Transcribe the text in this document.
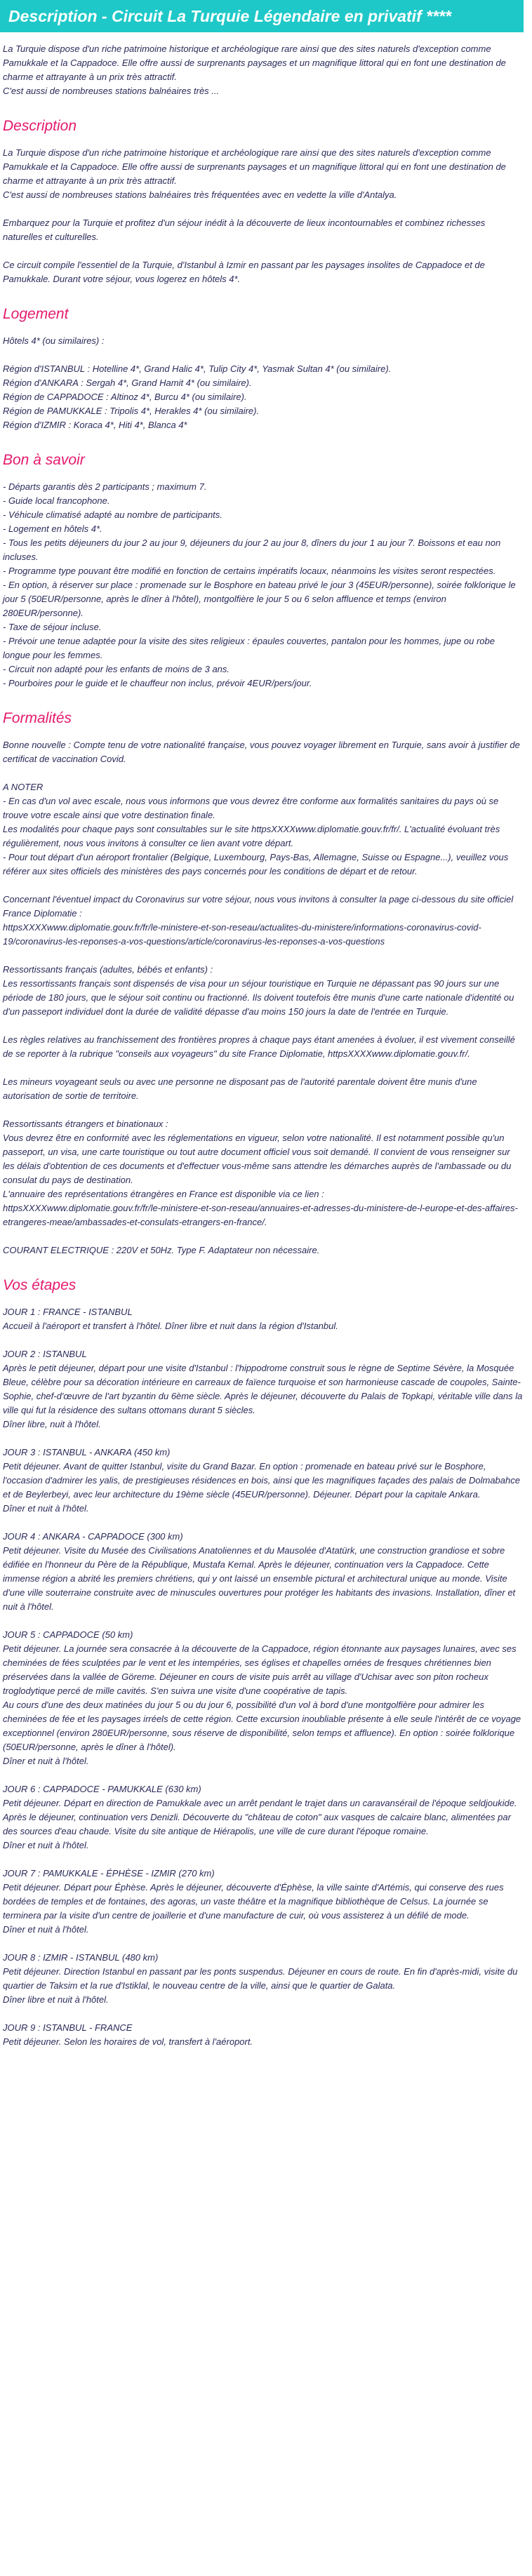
Description - Circuit La Turquie Légendaire en privatif ****
La Turquie dispose d'un riche patrimoine historique et archéologique rare ainsi que des sites naturels d'exception comme Pamukkale et la Cappadoce. Elle offre aussi de surprenants paysages et un magnifique littoral qui en font une destination de charme et attrayante à un prix très attractif.
C'est aussi de nombreuses stations balnéaires très ...
Description

La Turquie dispose d'un riche patrimoine historique et archéologique rare ainsi que des sites naturels d'exception comme Pamukkale et la Cappadoce. Elle offre aussi de surprenants paysages et un magnifique littoral qui en font une destination de charme et attrayante à un prix très attractif.
C'est aussi de nombreuses stations balnéaires très fréquentées avec en vedette la ville d'Antalya.

Embarquez pour la Turquie et profitez d'un séjour inédit à la découverte de lieux incontournables et combinez richesses naturelles et culturelles.

Ce circuit compile l'essentiel de la Turquie, d'Istanbul à Izmir en passant par les paysages insolites de Cappadoce et de Pamukkale. Durant votre séjour, vous logerez en hôtels 4*.

Logement

Hôtels 4* (ou similaires) :

Région d'ISTANBUL : Hotelline 4*, Grand Halic 4*, Tulip City 4*, Yasmak Sultan 4* (ou similaire).
Région d'ANKARA : Sergah 4*, Grand Hamit 4* (ou similaire).
Région de CAPPADOCE : Altinoz 4*, Burcu 4* (ou similaire).
Région de PAMUKKALE : Tripolis 4*, Herakles 4* (ou similaire).
Région d'IZMIR : Koraca 4*, Hiti 4*, Blanca 4*

Bon à savoir

- Départs garantis dès 2 participants ; maximum 7.
- Guide local francophone.
- Véhicule climatisé adapté au nombre de participants.
- Logement en hôtels 4*.
- Tous les petits déjeuners du jour 2 au jour 9, déjeuners du jour 2 au jour 8, dîners du jour 1 au jour 7. Boissons et eau non incluses.
- Programme type pouvant être modifié en fonction de certains impératifs locaux, néanmoins les visites seront respectées.
- En option, à réserver sur place : promenade sur le Bosphore en bateau privé le jour 3 (45EUR/personne), soirée folklorique le jour 5 (50EUR/personne, après le dîner à l'hôtel), montgolfière le jour 5 ou 6 selon affluence et temps (environ 280EUR/personne).
- Taxe de séjour incluse.
- Prévoir une tenue adaptée pour la visite des sites religieux : épaules couvertes, pantalon pour les hommes, jupe ou robe longue pour les femmes.
- Circuit non adapté pour les enfants de moins de 3 ans.
- Pourboires pour le guide et le chauffeur non inclus, prévoir 4EUR/pers/jour.

Formalités

Bonne nouvelle : Compte tenu de votre nationalité française, vous pouvez voyager librement en Turquie, sans avoir à justifier de certificat de vaccination Covid.

A NOTER
- En cas d'un vol avec escale, nous vous informons que vous devrez être conforme aux formalités sanitaires du pays où se trouve votre escale ainsi que votre destination finale.
Les modalités pour chaque pays sont consultables sur le site httpsXXXXwww.diplomatie.gouv.fr/fr/. L'actualité évoluant très régulièrement, nous vous invitons à consulter ce lien avant votre départ.
- Pour tout départ d'un aéroport frontalier (Belgique, Luxembourg, Pays-Bas, Allemagne, Suisse ou Espagne...), veuillez vous référer aux sites officiels des ministères des pays concernés pour les conditions de départ et de retour.

Concernant l'éventuel impact du Coronavirus sur votre séjour, nous vous invitons à consulter la page ci-dessous du site officiel France Diplomatie :
httpsXXXXwww.diplomatie.gouv.fr/fr/le-ministere-et-son-reseau/actualites-du-ministere/informations-coronavirus-covid-19/coronavirus-les-reponses-a-vos-questions/article/coronavirus-les-reponses-a-vos-questions

Ressortissants français (adultes, bébés et enfants) :
Les ressortissants français sont dispensés de visa pour un séjour touristique en Turquie ne dépassant pas 90 jours sur une période de 180 jours, que le séjour soit continu ou fractionné. Ils doivent toutefois être munis d'une carte nationale d'identité ou d'un passeport individuel dont la durée de validité dépasse d'au moins 150 jours la date de l'entrée en Turquie.

Les règles relatives au franchissement des frontières propres à chaque pays étant amenées à évoluer, il est vivement conseillé de se reporter à la rubrique "conseils aux voyageurs" du site France Diplomatie, httpsXXXXwww.diplomatie.gouv.fr/.

Les mineurs voyageant seuls ou avec une personne ne disposant pas de l'autorité parentale doivent être munis d'une autorisation de sortie de territoire.

Ressortissants étrangers et binationaux :
Vous devrez être en conformité avec les réglementations en vigueur, selon votre nationalité. Il est notamment possible qu'un passeport, un visa, une carte touristique ou tout autre document officiel vous soit demandé. Il convient de vous renseigner sur les délais d'obtention de ces documents et d'effectuer vous-même sans attendre les démarches auprès de l'ambassade ou du consulat du pays de destination.
L'annuaire des représentations étrangères en France est disponible via ce lien :
httpsXXXXwww.diplomatie.gouv.fr/fr/le-ministere-et-son-reseau/annuaires-et-adresses-du-ministere-de-l-europe-et-des-affaires-etrangeres-meae/ambassades-et-consulats-etrangers-en-france/.

COURANT ELECTRIQUE : 220V et 50Hz. Type F. Adaptateur non nécessaire.

Vos étapes
JOUR 1 : FRANCE - ISTANBUL
Accueil à l'aéroport et transfert à l'hôtel. Dîner libre et nuit dans la région d'Istanbul.
JOUR 2 : ISTANBUL
Après le petit déjeuner, départ pour une visite d'Istanbul : l'hippodrome construit sous le règne de Septime Sévère, la Mosquée Bleue, célèbre pour sa décoration intérieure en carreaux de faïence turquoise et son harmonieuse cascade de coupoles, Sainte-Sophie, chef-d'œuvre de l'art byzantin du 6ème siècle. Après le déjeuner, découverte du Palais de Topkapi, véritable ville dans la ville qui fut la résidence des sultans ottomans durant 5 siècles.
Dîner libre, nuit à l'hôtel.
JOUR 3 : ISTANBUL - ANKARA (450 km)
Petit déjeuner. Avant de quitter Istanbul, visite du Grand Bazar. En option : promenade en bateau privé sur le Bosphore, l'occasion d'admirer les yalis, de prestigieuses résidences en bois, ainsi que les magnifiques façades des palais de Dolmabahce et de Beylerbeyi, avec leur architecture du 19ème siècle (45EUR/personne). Déjeuner. Départ pour la capitale Ankara.
Dîner et nuit à l'hôtel.
JOUR 4 : ANKARA - CAPPADOCE (300 km)
Petit déjeuner. Visite du Musée des Civilisations Anatoliennes et du Mausolée d'Atatürk, une construction grandiose et sobre édifiée en l'honneur du Père de la République, Mustafa Kemal. Après le déjeuner, continuation vers la Cappadoce. Cette immense région a abrité les premiers chrétiens, qui y ont laissé un ensemble pictural et architectural unique au monde. Visite d'une ville souterraine construite avec de minuscules ouvertures pour protéger les habitants des invasions. Installation, dîner et nuit à l'hôtel.
JOUR 5 : CAPPADOCE (50 km)
Petit déjeuner. La journée sera consacrée à la découverte de la Cappadoce, région étonnante aux paysages lunaires, avec ses cheminées de fées sculptées par le vent et les intempéries, ses églises et chapelles ornées de fresques chrétiennes bien préservées dans la vallée de Göreme. Déjeuner en cours de visite puis arrêt au village d'Uchisar avec son piton rocheux troglodytique percé de mille cavités. S'en suivra une visite d'une coopérative de tapis.
Au cours d'une des deux matinées du jour 5 ou du jour 6, possibilité d'un vol à bord d'une montgolfière pour admirer les cheminées de fée et les paysages irréels de cette région. Cette excursion inoubliable présente à elle seule l'intérêt de ce voyage exceptionnel (environ 280EUR/personne, sous réserve de disponibilité, selon temps et affluence). En option : soirée folklorique (50EUR/personne, après le dîner à l'hôtel).
Dîner et nuit à l'hôtel.
JOUR 6 : CAPPADOCE - PAMUKKALE (630 km)
Petit déjeuner. Départ en direction de Pamukkale avec un arrêt pendant le trajet dans un caravansérail de l'époque seldjoukide. Après le déjeuner, continuation vers Denizli. Découverte du "château de coton" aux vasques de calcaire blanc, alimentées par des sources d'eau chaude. Visite du site antique de Hiérapolis, une ville de cure durant l'époque romaine.
Dîner et nuit à l'hôtel.
JOUR 7 : PAMUKKALE - ÉPHÈSE - IZMIR (270 km)
Petit déjeuner. Départ pour Éphèse. Après le déjeuner, découverte d'Éphèse, la ville sainte d'Artémis, qui conserve des rues bordées de temples et de fontaines, des agoras, un vaste théâtre et la magnifique bibliothèque de Celsus. La journée se terminera par la visite d'un centre de joaillerie et d'une manufacture de cuir, où vous assisterez à un défilé de mode.
Dîner et nuit à l'hôtel.
JOUR 8 : IZMIR - ISTANBUL (480 km)
Petit déjeuner. Direction Istanbul en passant par les ponts suspendus. Déjeuner en cours de route. En fin d'après-midi, visite du quartier de Taksim et la rue d'Istiklal, le nouveau centre de la ville, ainsi que le quartier de Galata.
Dîner libre et nuit à l'hôtel.
JOUR 9 : ISTANBUL - FRANCE
Petit déjeuner. Selon les horaires de vol, transfert à l'aéroport.
